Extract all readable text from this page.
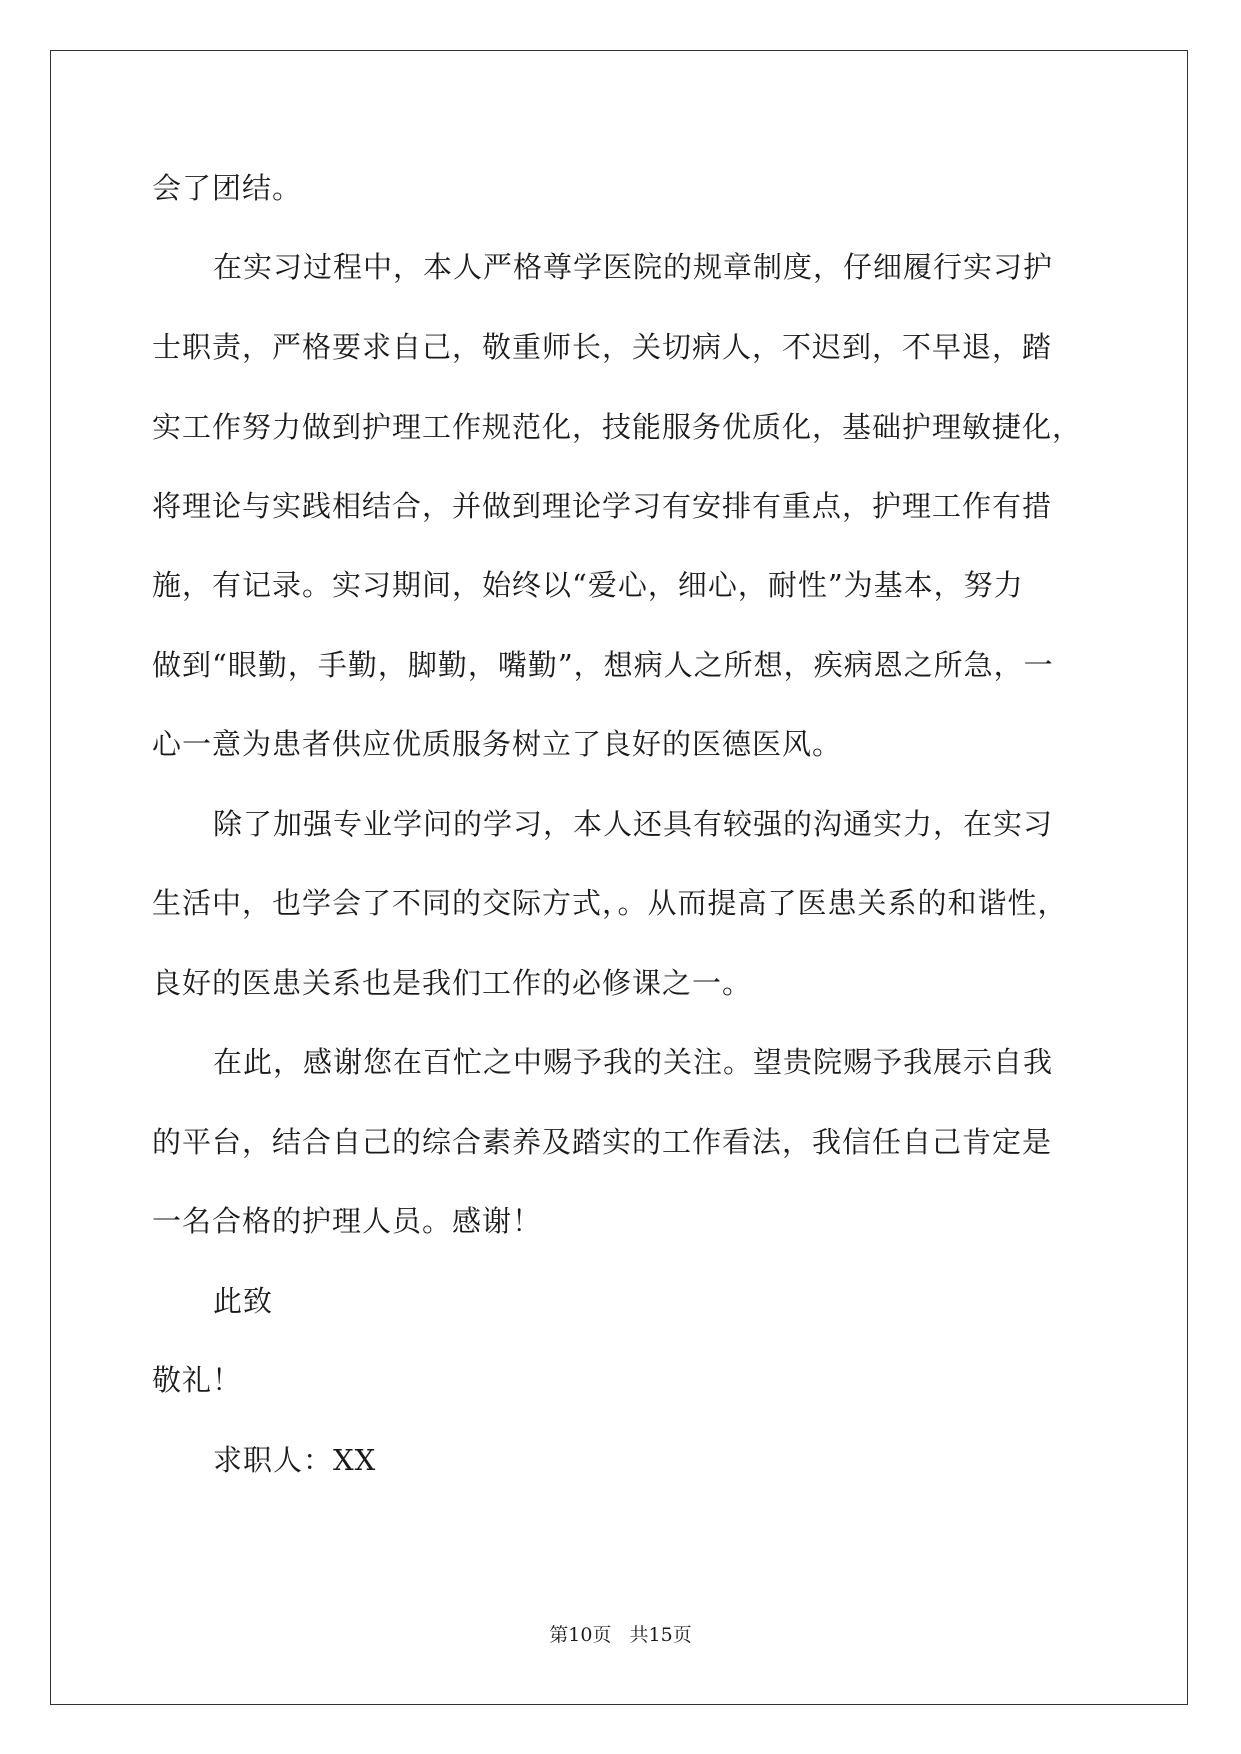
会了团结。
在实习过程中，本人严格尊学医院的规章制度，仔细履行实习护
士职责，严格要求自己，敬重师长，关切病人，不迟到，不早退，踏
实工作努力做到护理工作规范化，技能服务优质化，基础护理敏捷化，
将理论与实践相结合，并做到理论学习有安排有重点，护理工作有措
施，有记录。实习期间，始终以“爱心，细心，耐性”为基本，努力
做到“眼勤，手勤，脚勤，嘴勤”，想病人之所想，疾病恩之所急，一
心一意为患者供应优质服务树立了良好的医德医风。
除了加强专业学问的学习，本人还具有较强的沟通实力，在实习
生活中，也学会了不同的交际方式，。从而提高了医患关系的和谐性，
良好的医患关系也是我们工作的必修课之一。
在此，感谢您在百忙之中赐予我的关注。望贵院赐予我展示自我
的平台，结合自己的综合素养及踏实的工作看法，我信任自己肯定是
一名合格的护理人员。感谢！
此致
敬礼！
求职人：XX
第10页   共15页
